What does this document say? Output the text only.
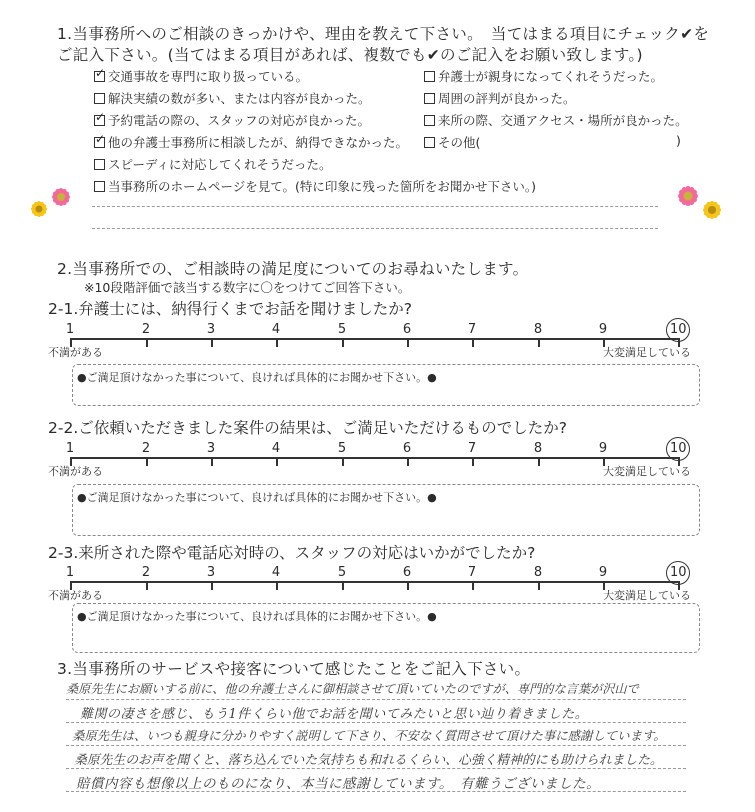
1.当事務所へのご相談のきっかけや、理由を教えて下さい。　当てはまる項目にチェック✔を
ご記入下さい。(当てはまる項目があれば、複数でも✔のご記入をお願い致します。)
✓交通事故を専門に取り扱っている。
解決実績の数が多い、または内容が良かった。
✓予約電話の際の、スタッフの対応が良かった。
✓他の弁護士事務所に相談したが、納得できなかった。
スピーディに対応してくれそうだった。
当事務所のホームページを見て。(特に印象に残った箇所をお聞かせ下さい。)
弁護士が親身になってくれそうだった。
周囲の評判が良かった。
来所の際、交通アクセス・場所が良かった。
その他(	)
2.当事務所での、ご相談時の満足度についてのお尋ねいたします。
※10段階評価で該当する数字に〇をつけてご回答下さい。
2-1.弁護士には、納得行くまでお話を聞けましたか?
●ご満足頂けなかった事について、良ければ具体的にお聞かせ下さい。●
2-2.ご依頼いただきました案件の結果は、ご満足いただけるものでしたか?
●ご満足頂けなかった事について、良ければ具体的にお聞かせ下さい。●
2-3.来所された際や電話応対時の、スタッフの対応はいかがでしたか?
●ご満足頂けなかった事について、良ければ具体的にお聞かせ下さい。●
3.当事務所のサービスや接客について感じたことをご記入下さい。
桑原先生にお願いする前に、他の弁護士さんに御相談させて頂いていたのですが、専門的な言葉が沢山で
難関の凄さを感じ、もう1件くらい他でお話を聞いてみたいと思い辿り着きました。
桑原先生は、いつも親身に分かりやすく説明して下さり、不安なく質問させて頂けた事に感謝しています。
桑原先生のお声を聞くと、落ち込んでいた気持ちも和れるくらい、心強く精神的にも助けられました。
賠償内容も想像以上のものになり、本当に感謝しています。　有難うございました。
1	2	3	4	5	6	7	8	9	10
不満がある	大変満足している
1	2	3	4	5	6	7	8	9	10
不満がある	大変満足している
1	2	3	4	5	6	7	8	9	10
不満がある	大変満足している
